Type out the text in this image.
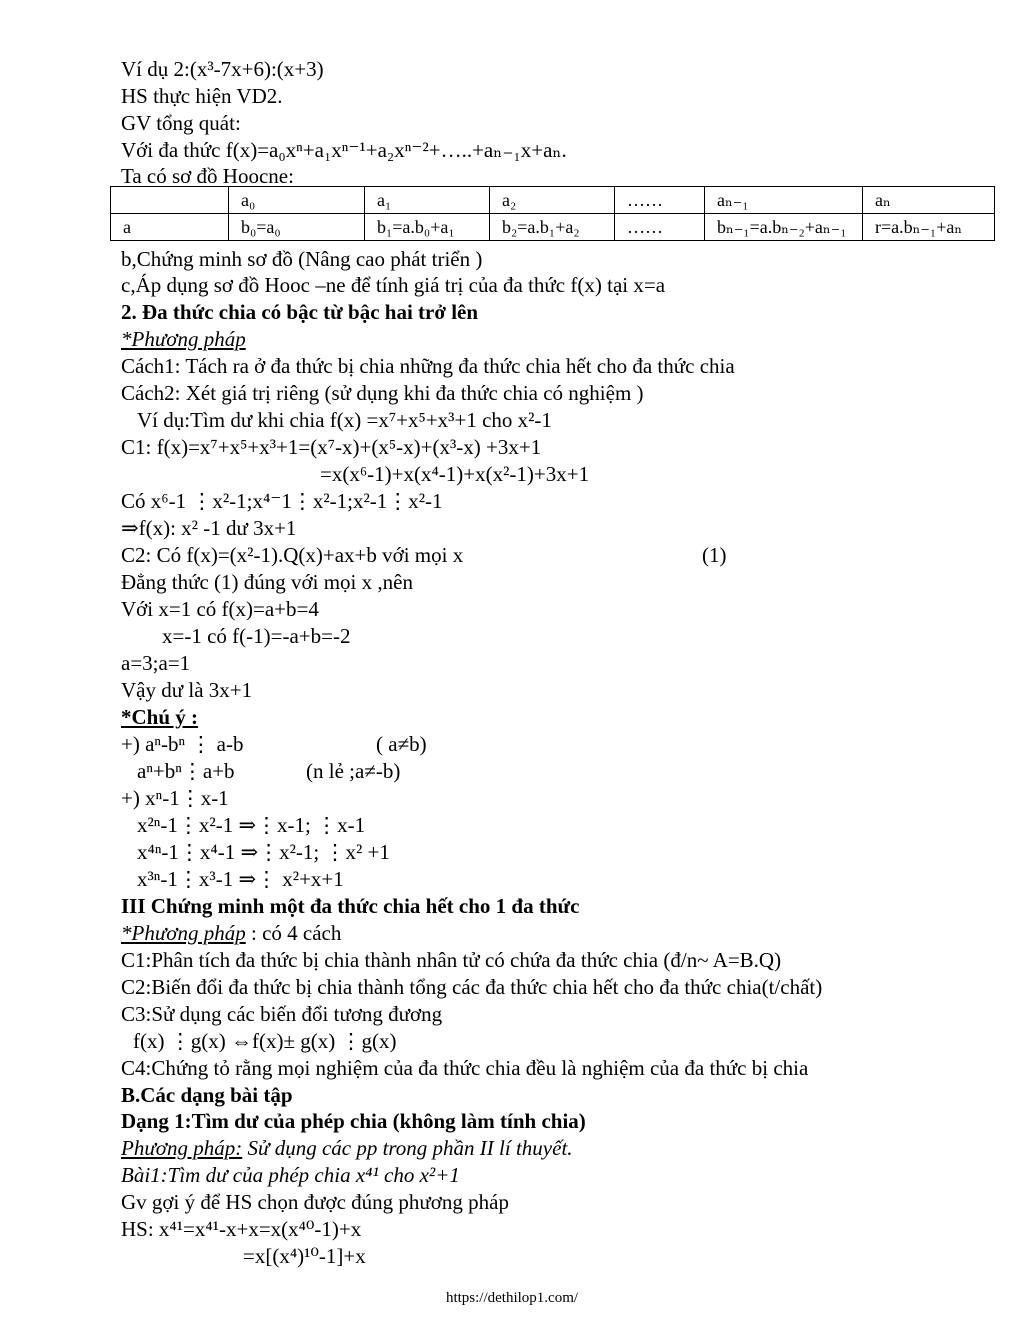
Ví dụ 2:(x³-7x+6):(x+3)
HS thực hiện VD2.
GV tổng quát:
Với đa thức f(x)=a₀xⁿ+a₁xⁿ⁻¹+a₂xⁿ⁻²+…..+aₙ₋₁x+aₙ.
Ta có sơ đồ Hoocne:
b,Chứng minh sơ đồ (Nâng cao phát triển )
c,Áp dụng sơ đồ Hooc –ne để tính giá trị của đa thức f(x) tại x=a
2. Đa thức chia có bậc từ bậc hai trở lên
*Phương pháp
Cách1: Tách ra ở đa thức bị chia những đa thức chia hết cho đa thức chia
Cách2: Xét giá trị riêng (sử dụng khi đa thức chia có nghiệm )
Ví dụ:Tìm dư khi chia f(x) =x⁷+x⁵+x³+1 cho x²-1
C1: f(x)=x⁷+x⁵+x³+1=(x⁷-x)+(x⁵-x)+(x³-x) +3x+1
=x(x⁶-1)+x(x⁴-1)+x(x²-1)+3x+1
Có x⁶-1 ⋮x²-1;x⁴⁻1⋮x²-1;x²-1⋮x²-1
⇒f(x): x² -1 dư 3x+1
C2: Có f(x)=(x²-1).Q(x)+ax+b với mọi x	(1)
Đẳng thức (1) đúng với mọi x ,nên
Với x=1 có f(x)=a+b=4
x=-1 có f(-1)=-a+b=-2
a=3;a=1
Vậy dư là 3x+1
*Chú ý :
+) aⁿ-bⁿ ⋮ a-b	( a≠b)
aⁿ+bⁿ⋮a+b	(n lẻ ;a≠-b)
+) xⁿ-1⋮x-1
x²ⁿ-1⋮x²-1 ⇒⋮x-1; ⋮x-1
x⁴ⁿ-1⋮x⁴-1 ⇒⋮x²-1; ⋮x² +1
x³ⁿ-1⋮x³-1 ⇒⋮ x²+x+1
III Chứng minh một đa thức chia hết cho 1 đa thức
C1:Phân tích đa thức bị chia thành nhân tử có chứa đa thức chia (đ/n~ A=B.Q)
C2:Biến đổi đa thức bị chia thành tổng các đa thức chia hết cho đa thức chia(t/chất)
C3:Sử dụng các biến đổi tương đương
f(x) ⋮g(x) ⇔f(x)± g(x) ⋮g(x)
C4:Chứng tỏ rằng mọi nghiệm của đa thức chia đều là nghiệm của đa thức bị chia
B.Các dạng bài tập
Dạng 1:Tìm dư của phép chia (không làm tính chia)
Bài1:Tìm dư của phép chia x⁴¹ cho x²+1
Gv gợi ý để HS chọn được đúng phương pháp
HS: x⁴¹=x⁴¹-x+x=x(x⁴⁰-1)+x
=x[(x⁴)¹⁰-1]+x
	a₀	a₁	a₂	……	aₙ₋₁	aₙ
a	b₀=a₀	b₁=a.b₀+a₁	b₂=a.b₁+a₂	……	bₙ₋₁=a.bₙ₋₂+aₙ₋₁	r=a.bₙ₋₁+aₙ
*Phương pháp : có 4 cách
Phương pháp: Sử dụng các pp trong phần II lí thuyết.
https://dethilop1.com/
